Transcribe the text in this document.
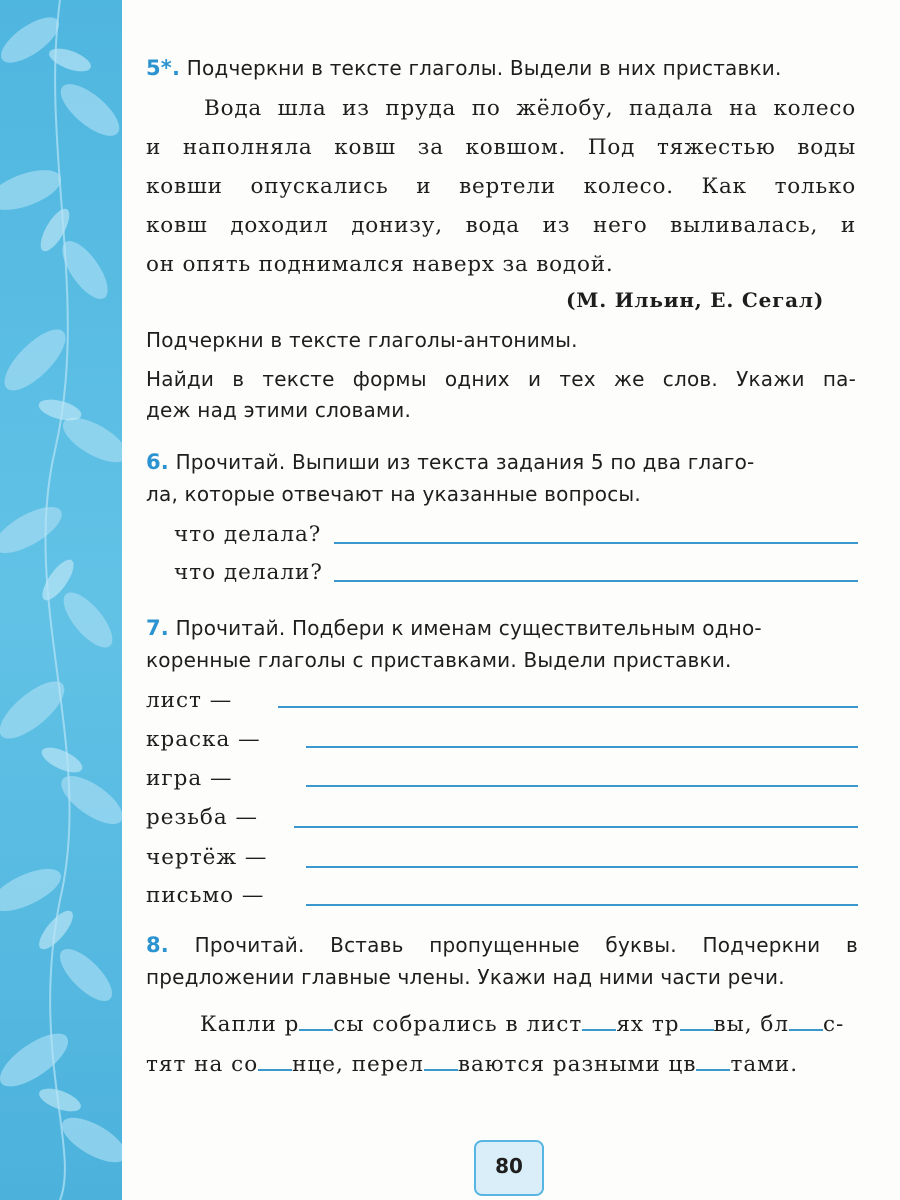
5*. Подчеркни в тексте глаголы. Выдели в них приставки.
Вода шла из пруда по жёлобу, падала на колесо
и наполняла ковш за ковшом. Под тяжестью воды
ковши опускались и вертели колесо. Как только
ковш доходил донизу, вода из него выливалась, и
он опять поднимался наверх за водой.
(М. Ильин, Е. Сегал)
Подчеркни в тексте глаголы-антонимы.
Найди в тексте формы одних и тех же слов. Укажи па-
деж над этими словами.
6. Прочитай. Выпиши из текста задания 5 по два глаго-
ла, которые отвечают на указанные вопросы.
что делала?
что делали?
7. Прочитай. Подбери к именам существительным одно-
коренные глаголы с приставками. Выдели приставки.
лист —
краска —
игра —
резьба —
чертёж —
письмо —
8. Прочитай. Вставь пропущенные буквы. Подчеркни в
предложении главные члены. Укажи над ними части речи.
Капли р сы собрались в лист ях тр вы, бл с-
тят на со нце, перел ваются разными цв тами.
80
